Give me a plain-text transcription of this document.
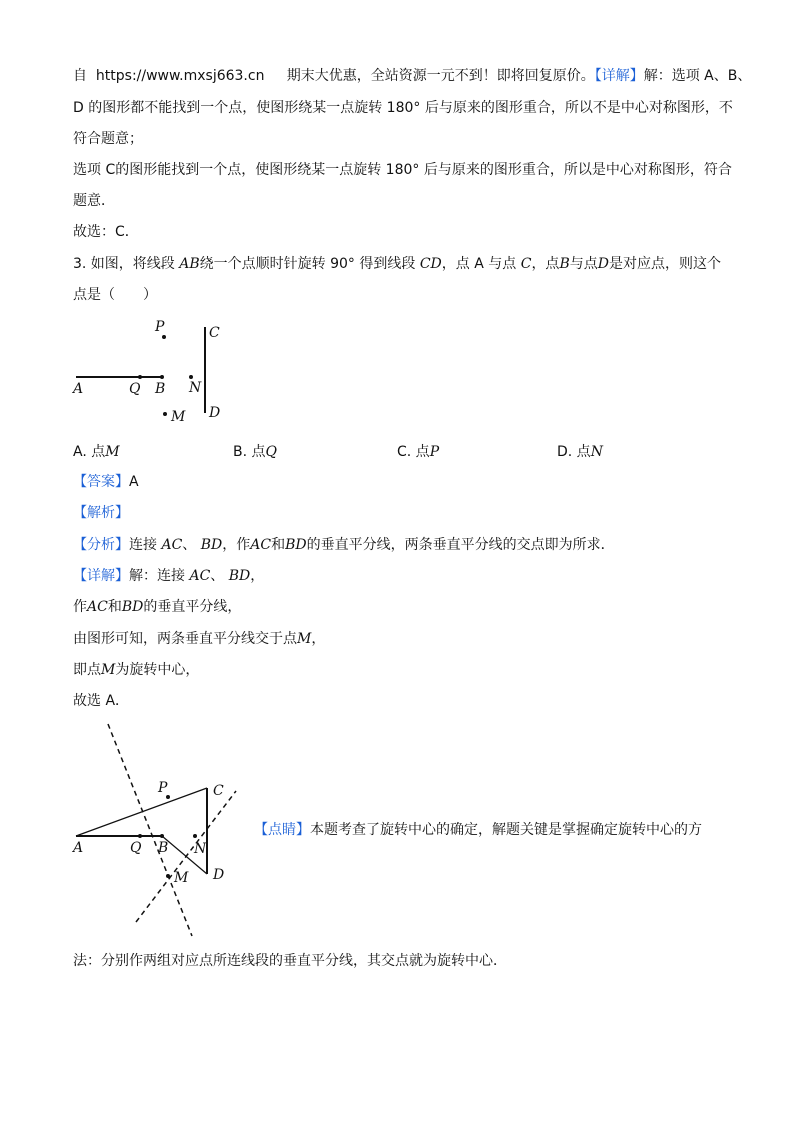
自 https://www.mxsj663.cn 期末大优惠，全站资源一元不到！即将回复原价。【详解】解：选项 A、B、
D 的图形都不能找到一个点，使图形绕某一点旋转 180° 后与原来的图形重合，所以不是中心对称图形，不
符合题意；
选项 C的图形能找到一个点，使图形绕某一点旋转 180° 后与原来的图形重合，所以是中心对称图形，符合
题意．
故选：C．
3. 如图，将线段 AB绕一个点顺时针旋转 90° 得到线段 CD，点 A 与点 C，点B与点D是对应点，则这个
点是（　　）
A	Q B
P
N
M
C
D
A. 点M	B. 点Q	C. 点P	D. 点N
【答案】A
【解析】
【分析】连接 AC、 BD，作AC和BD的垂直平分线，两条垂直平分线的交点即为所求．
【详解】解：连接 AC、 BD，
作AC和BD的垂直平分线，
由图形可知，两条垂直平分线交于点M，
即点M为旋转中心，
故选 A．
A	Q B
P
N
M
C
D
【点睛】本题考查了旋转中心的确定，解题关键是掌握确定旋转中心的方
法：分别作两组对应点所连线段的垂直平分线，其交点就为旋转中心．
